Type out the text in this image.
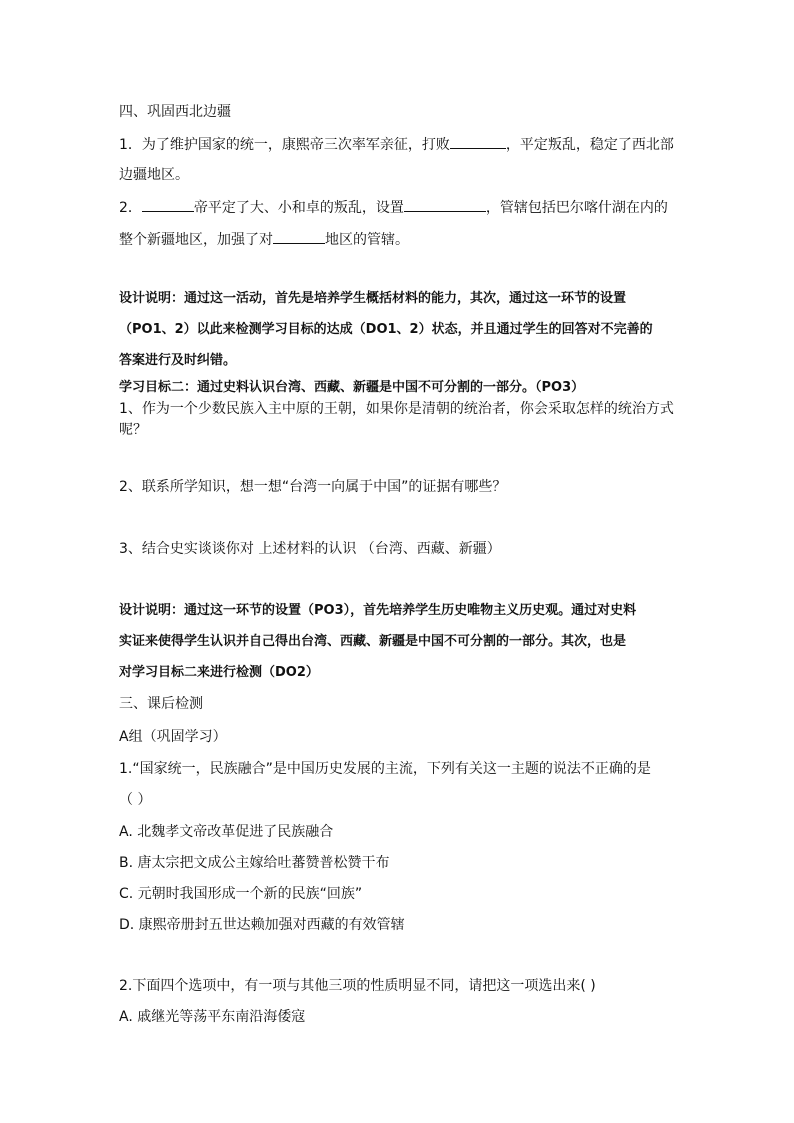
四、巩固西北边疆
1．为了维护国家的统一，康熙帝三次率军亲征，打败	，平定叛乱，稳定了西北部
边疆地区。
2．	帝平定了大、小和卓的叛乱，设置	，管辖包括巴尔喀什湖在内的
整个新疆地区，加强了对	地区的管辖。
设计说明：通过这一活动，首先是培养学生概括材料的能力，其次，通过这一环节的设置
（PO1、2）以此来检测学习目标的达成（DO1、2）状态，并且通过学生的回答对不完善的
答案进行及时纠错。
学习目标二：通过史料认识台湾、西藏、新疆是中国不可分割的一部分。（PO3）
1、作为一个少数民族入主中原的王朝，如果你是清朝的统治者，你会采取怎样的统治方式
呢？
2、联系所学知识，想一想“台湾一向属于中国”的证据有哪些？
3、结合史实谈谈你对 上述材料的认识 （台湾、西藏、新疆）
设计说明：通过这一环节的设置（PO3），首先培养学生历史唯物主义历史观。通过对史料
实证来使得学生认识并自己得出台湾、西藏、新疆是中国不可分割的一部分。其次，也是
对学习目标二来进行检测（DO2）
三、课后检测
A组（巩固学习）
1.“国家统一，民族融合”是中国历史发展的主流，下列有关这一主题的说法不正确的是
（ ）
A. 北魏孝文帝改革促进了民族融合
B. 唐太宗把文成公主嫁给吐蕃赞普松赞干布
C. 元朝时我国形成一个新的民族“回族”
D. 康熙帝册封五世达赖加强对西藏的有效管辖
2.下面四个选项中，有一项与其他三项的性质明显不同，请把这一项选出来( )
A. 戚继光等荡平东南沿海倭寇
